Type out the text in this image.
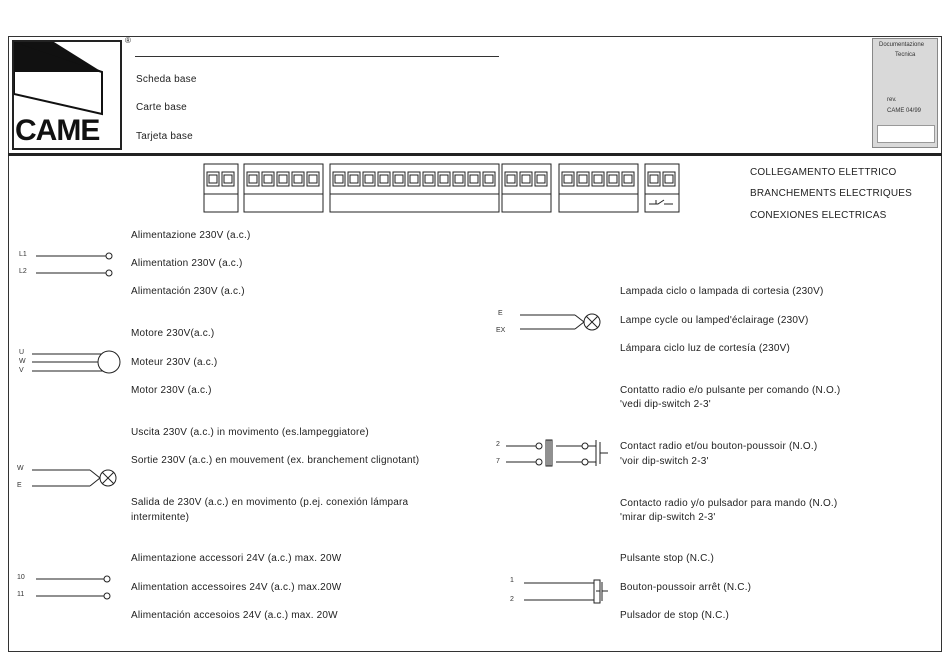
CAME
®
Scheda base
Carte base
Tarjeta base
Documentazione
Tecnica
rev.
CAME 04/99
COLLEGAMENTO ELETTRICO
BRANCHEMENTS ELECTRIQUES
CONEXIONES ELECTRICAS
L1
L2
Alimentazione 230V (a.c.)
Alimentation 230V (a.c.)
Alimentación 230V (a.c.)
U
W
V
Motore 230V(a.c.)
Moteur 230V (a.c.)
Motor 230V (a.c.)
W
E
Uscita 230V (a.c.) in movimento (es.lampeggiatore)
Sortie 230V (a.c.) en mouvement (ex. branchement clignotant)
Salida de 230V (a.c.) en movimento (p.ej. conexión lámpara
intermitente)
10
11
Alimentazione accessori 24V (a.c.) max. 20W
Alimentation accessoires 24V (a.c.) max.20W
Alimentación accesoios 24V (a.c.) max. 20W
E
EX
Lampada ciclo o lampada di cortesia (230V)
Lampe cycle ou lamped'éclairage (230V)
Lámpara ciclo luz de cortesía (230V)
2
7
Contatto radio e/o pulsante per comando (N.O.)
'vedi dip-switch 2-3'
Contact radio et/ou bouton-poussoir (N.O.)
'voir dip-switch 2-3'
Contacto radio y/o pulsador para mando (N.O.)
'mirar dip-switch 2-3'
1
2
Pulsante stop (N.C.)
Bouton-poussoir arrêt (N.C.)
Pulsador de stop (N.C.)
